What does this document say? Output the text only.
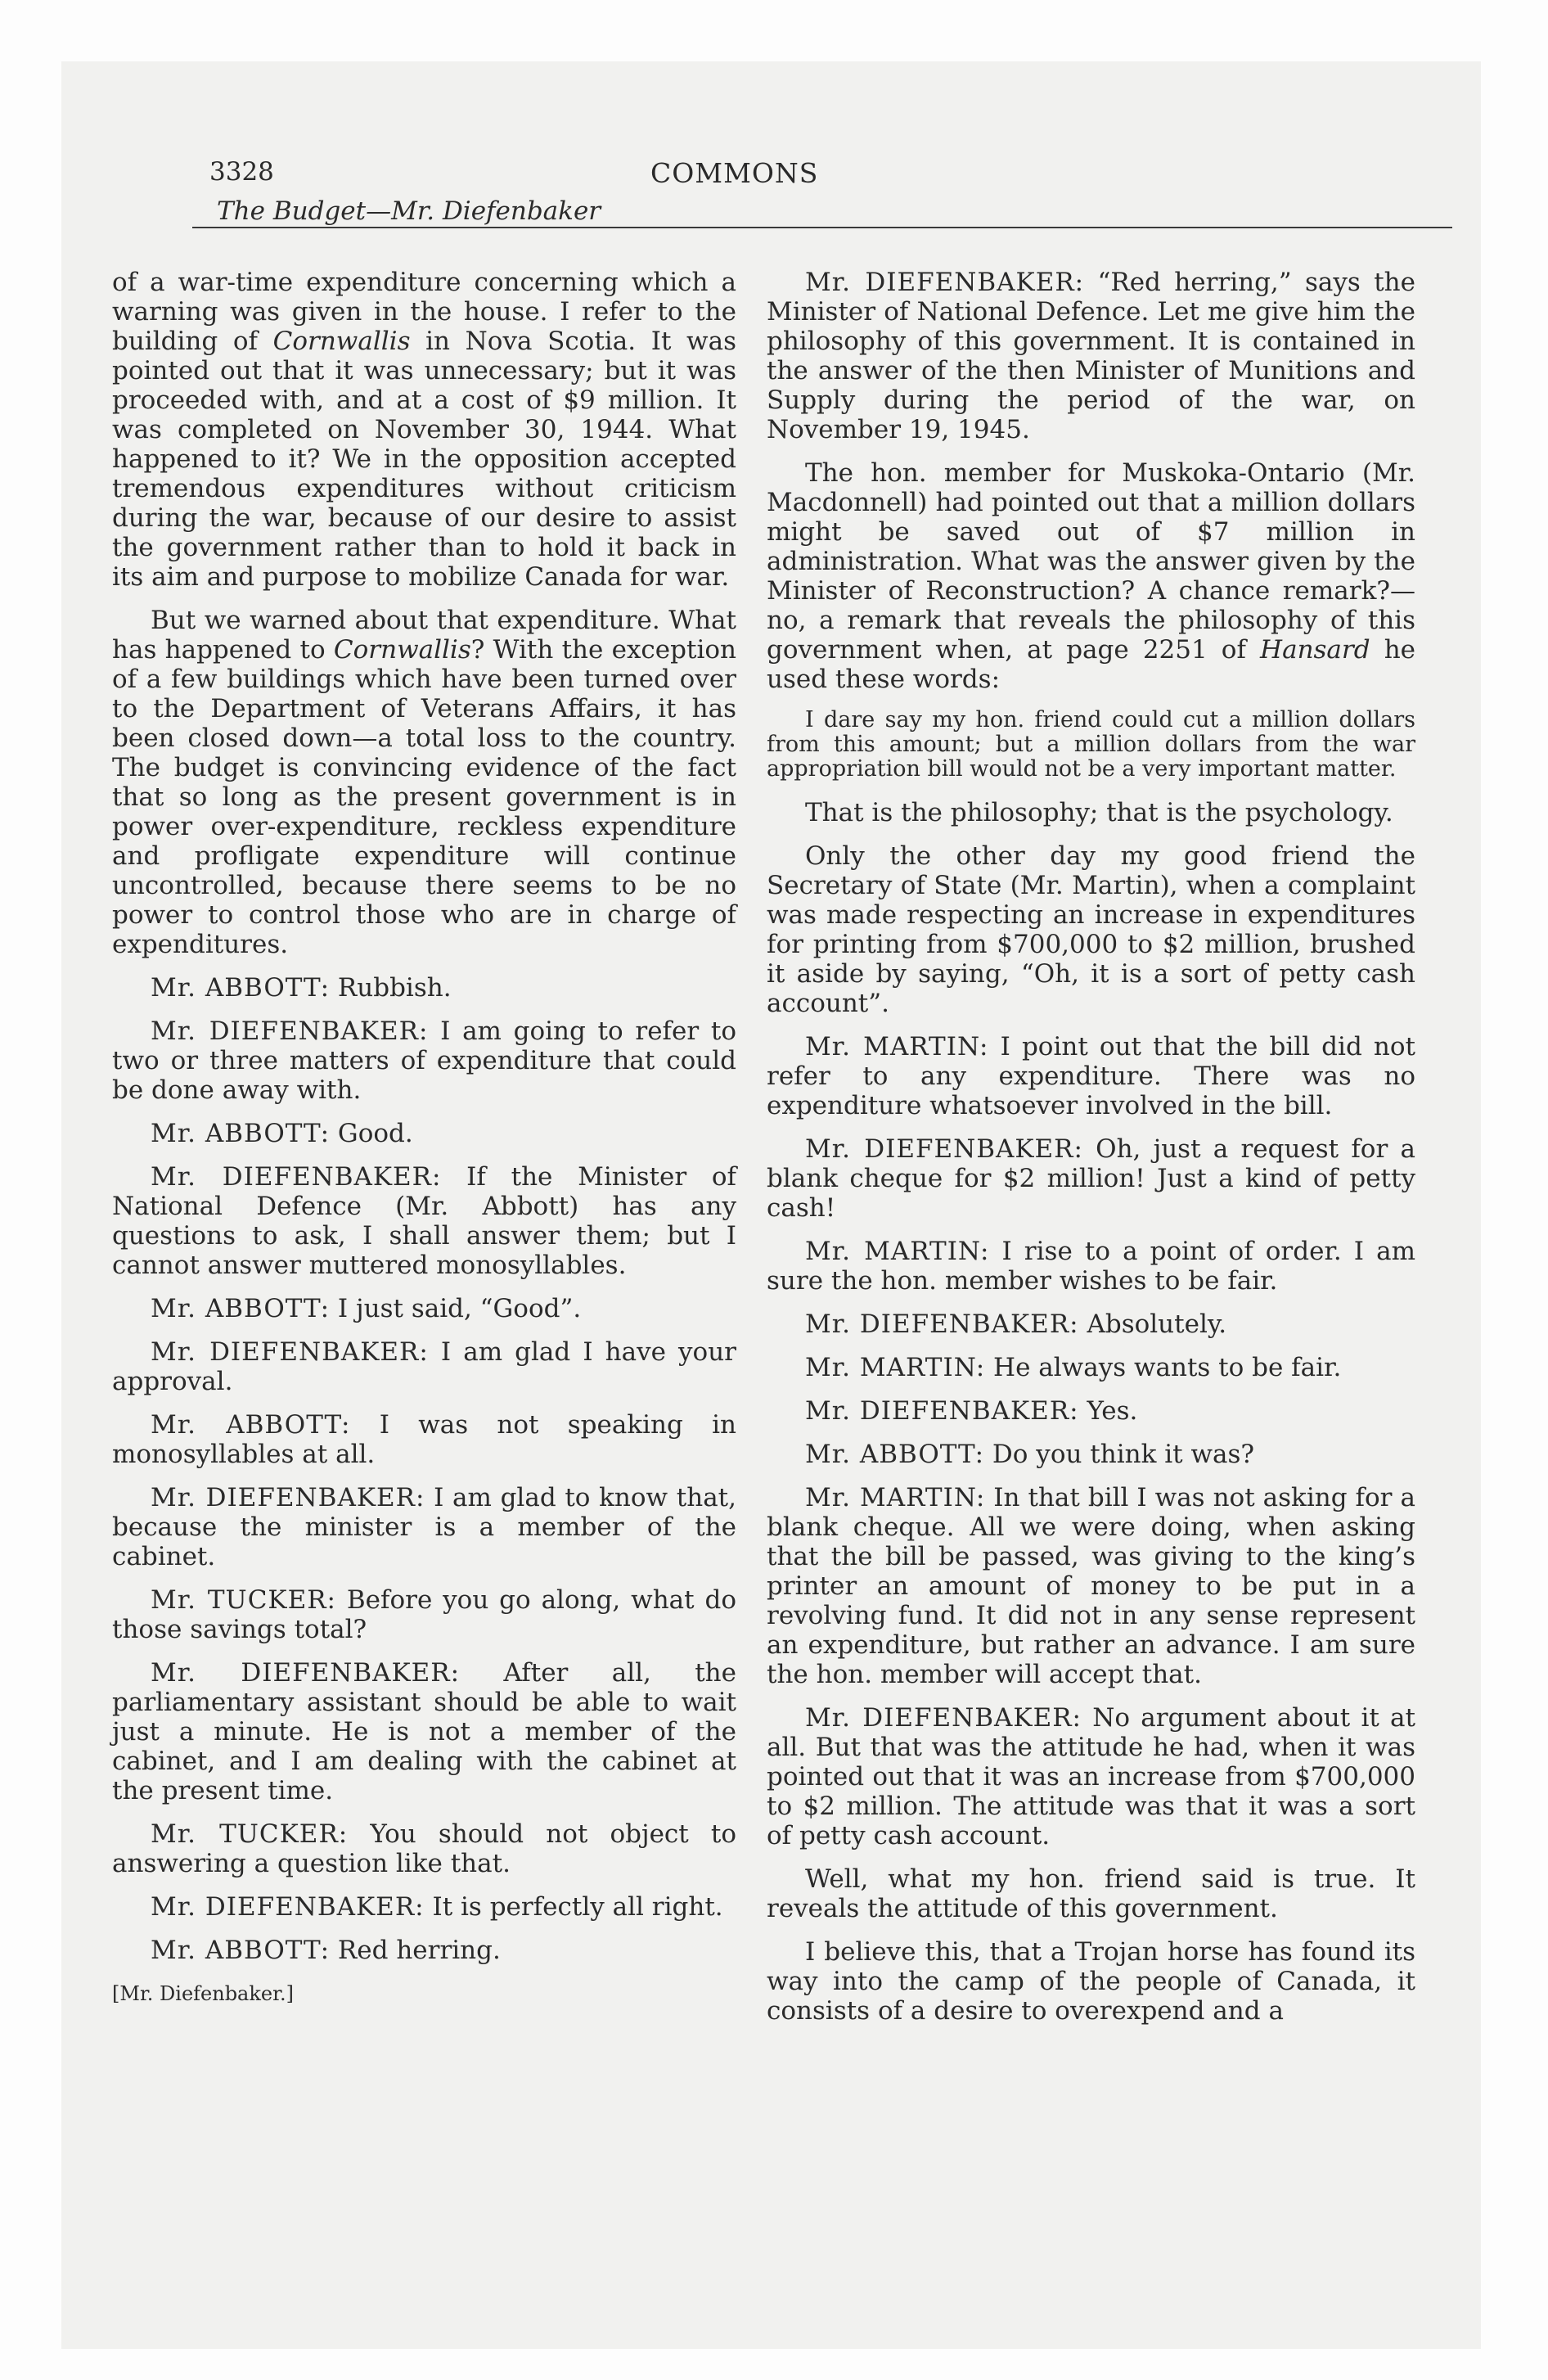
3328	COMMONS
The Budget—Mr. Diefenbaker

of a war-time expenditure concerning which a warning was given in the house. I refer to the building of Cornwallis in Nova Scotia. It was pointed out that it was unnecessary; but it was proceeded with, and at a cost of $9 million. It was completed on November 30, 1944. What happened to it? We in the opposition accepted tremendous expenditures without criticism during the war, because of our desire to assist the government rather than to hold it back in its aim and purpose to mobilize Canada for war.

But we warned about that expenditure. What has happened to Cornwallis? With the exception of a few buildings which have been turned over to the Department of Veterans Affairs, it has been closed down—a total loss to the country. The budget is convincing evidence of the fact that so long as the present government is in power over-expenditure, reckless expenditure and profligate expenditure will continue uncontrolled, because there seems to be no power to control those who are in charge of expenditures.

Mr. ABBOTT: Rubbish.

Mr. DIEFENBAKER: I am going to refer to two or three matters of expenditure that could be done away with.

Mr. ABBOTT: Good.

Mr. DIEFENBAKER: If the Minister of National Defence (Mr. Abbott) has any questions to ask, I shall answer them; but I cannot answer muttered monosyllables.

Mr. ABBOTT: I just said, “Good”.

Mr. DIEFENBAKER: I am glad I have your approval.

Mr. ABBOTT: I was not speaking in monosyllables at all.

Mr. DIEFENBAKER: I am glad to know that, because the minister is a member of the cabinet.

Mr. TUCKER: Before you go along, what do those savings total?

Mr. DIEFENBAKER: After all, the parliamentary assistant should be able to wait just a minute. He is not a member of the cabinet, and I am dealing with the cabinet at the present time.

Mr. TUCKER: You should not object to answering a question like that.

Mr. DIEFENBAKER: It is perfectly all right.

Mr. ABBOTT: Red herring.

[Mr. Diefenbaker.]

Mr. DIEFENBAKER: “Red herring,” says the Minister of National Defence. Let me give him the philosophy of this government. It is contained in the answer of the then Minister of Munitions and Supply during the period of the war, on November 19, 1945.

The hon. member for Muskoka-Ontario (Mr. Macdonnell) had pointed out that a million dollars might be saved out of $7 million in administration. What was the answer given by the Minister of Reconstruction? A chance remark?—no, a remark that reveals the philosophy of this government when, at page 2251 of Hansard he used these words:

I dare say my hon. friend could cut a million dollars from this amount; but a million dollars from the war appropriation bill would not be a very important matter.

That is the philosophy; that is the psychology.

Only the other day my good friend the Secretary of State (Mr. Martin), when a complaint was made respecting an increase in expenditures for printing from $700,000 to $2 million, brushed it aside by saying, “Oh, it is a sort of petty cash account”.

Mr. MARTIN: I point out that the bill did not refer to any expenditure. There was no expenditure whatsoever involved in the bill.

Mr. DIEFENBAKER: Oh, just a request for a blank cheque for $2 million! Just a kind of petty cash!

Mr. MARTIN: I rise to a point of order. I am sure the hon. member wishes to be fair.

Mr. DIEFENBAKER: Absolutely.

Mr. MARTIN: He always wants to be fair.

Mr. DIEFENBAKER: Yes.

Mr. ABBOTT: Do you think it was?

Mr. MARTIN: In that bill I was not asking for a blank cheque. All we were doing, when asking that the bill be passed, was giving to the king’s printer an amount of money to be put in a revolving fund. It did not in any sense represent an expenditure, but rather an advance. I am sure the hon. member will accept that.

Mr. DIEFENBAKER: No argument about it at all. But that was the attitude he had, when it was pointed out that it was an increase from $700,000 to $2 million. The attitude was that it was a sort of petty cash account.

Well, what my hon. friend said is true. It reveals the attitude of this government.

I believe this, that a Trojan horse has found its way into the camp of the people of Canada, it consists of a desire to overexpend and a
